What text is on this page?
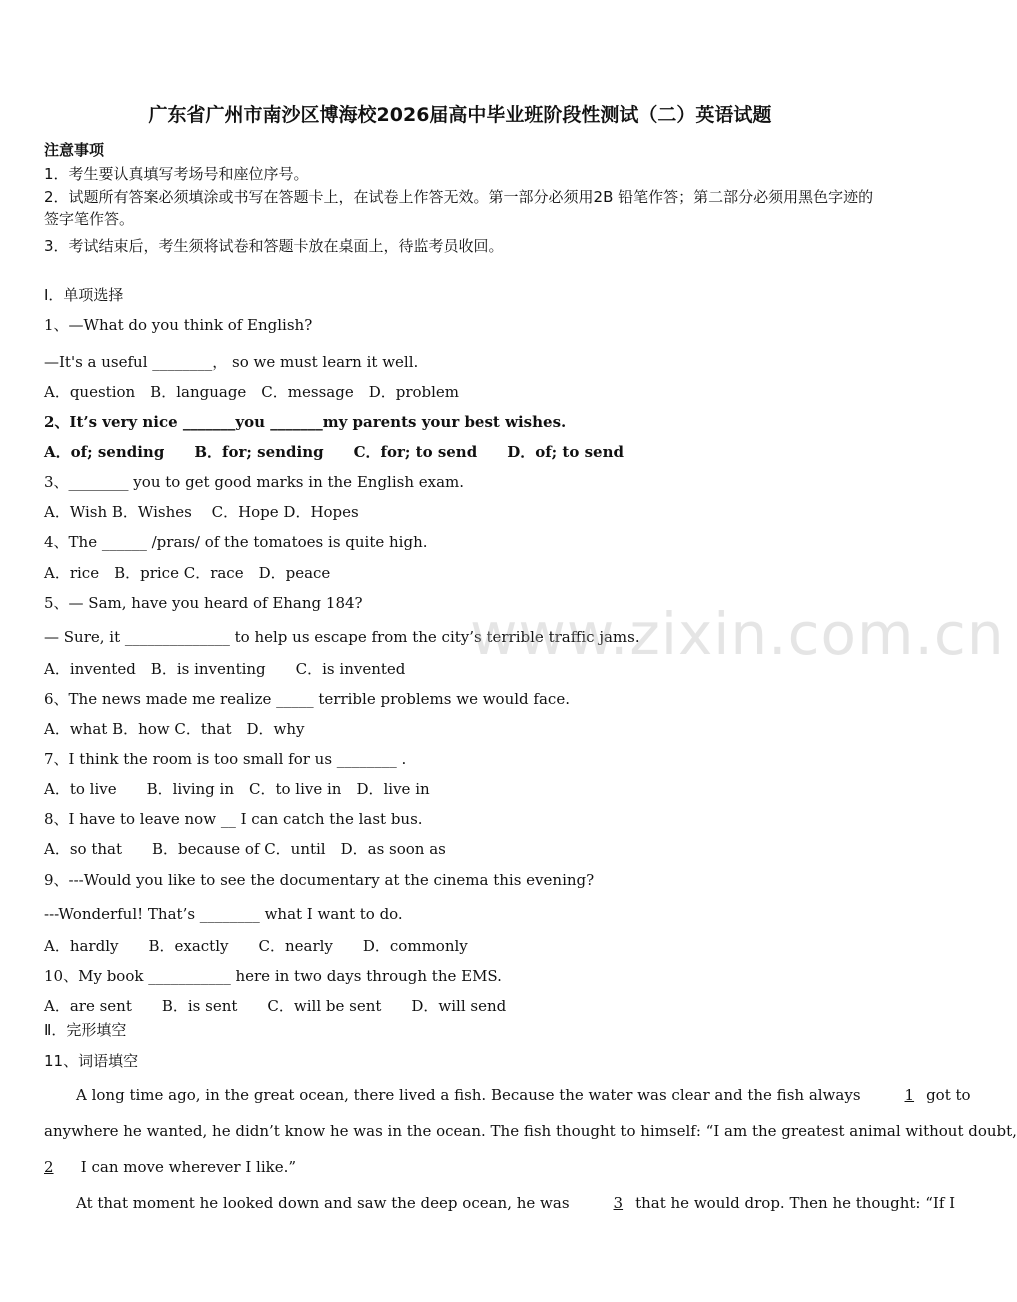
广东省广州市南沙区博海校2026届高中毕业班阶段性测试（二）英语试题
注意事项
1．考生要认真填写考场号和座位序号。
2．试题所有答案必须填涂或书写在答题卡上，在试卷上作答无效。第一部分必须用2B 铅笔作答；第二部分必须用黑色字迹的签字笔作答。
3．考试结束后，考生须将试卷和答题卡放在桌面上，待监考员收回。
Ⅰ．单项选择
1、—What do you think of English?
—It's a useful ________， so we must learn it well.
A．question　B．language　C．message　D．problem
2、It’s very nice _______you _______my parents your best wishes.
A．of; sending　　B．for; sending　　C．for; to send　　D．of; to send
3、________ you to get good marks in the English exam.
A．Wish B．Wishes　 C．Hope D．Hopes
4、The ______ /praɪs/ of the tomatoes is quite high.
A．rice　B．price C．race　D．peace
5、— Sam, have you heard of Ehang 184?
— Sure, it ______________ to help us escape from the city’s terrible traffic jams.
A．invented　B．is inventing　　C．is invented
6、The news made me realize _____ terrible problems we would face.
A．what B．how C．that　D．why
7、I think the room is too small for us ________ .
A．to live　　B．living in　C．to live in　D．live in
8、I have to leave now __ I can catch the last bus.
A．so that　　B．because of C．until　D．as soon as
9、---Would you like to see the documentary at the cinema this evening?
---Wonderful! That’s ________ what I want to do.
A．hardly　　B．exactly　　C．nearly　　D．commonly
10、My book ___________ here in two days through the EMS.
A．are sent　　B．is sent　　C．will be sent　　D．will send
Ⅱ．完形填空
11、词语填空
A long time ago, in the great ocean, there lived a fish. Because the water was clear and the fish always	1 got to
anywhere he wanted, he didn’t know he was in the ocean. The fish thought to himself: “I am the greatest animal without doubt,
2 I can move wherever I like.”
At that moment he looked down and saw the deep ocean, he was	3 that he would drop. Then he thought: “If I
www.zixin.com.cn
